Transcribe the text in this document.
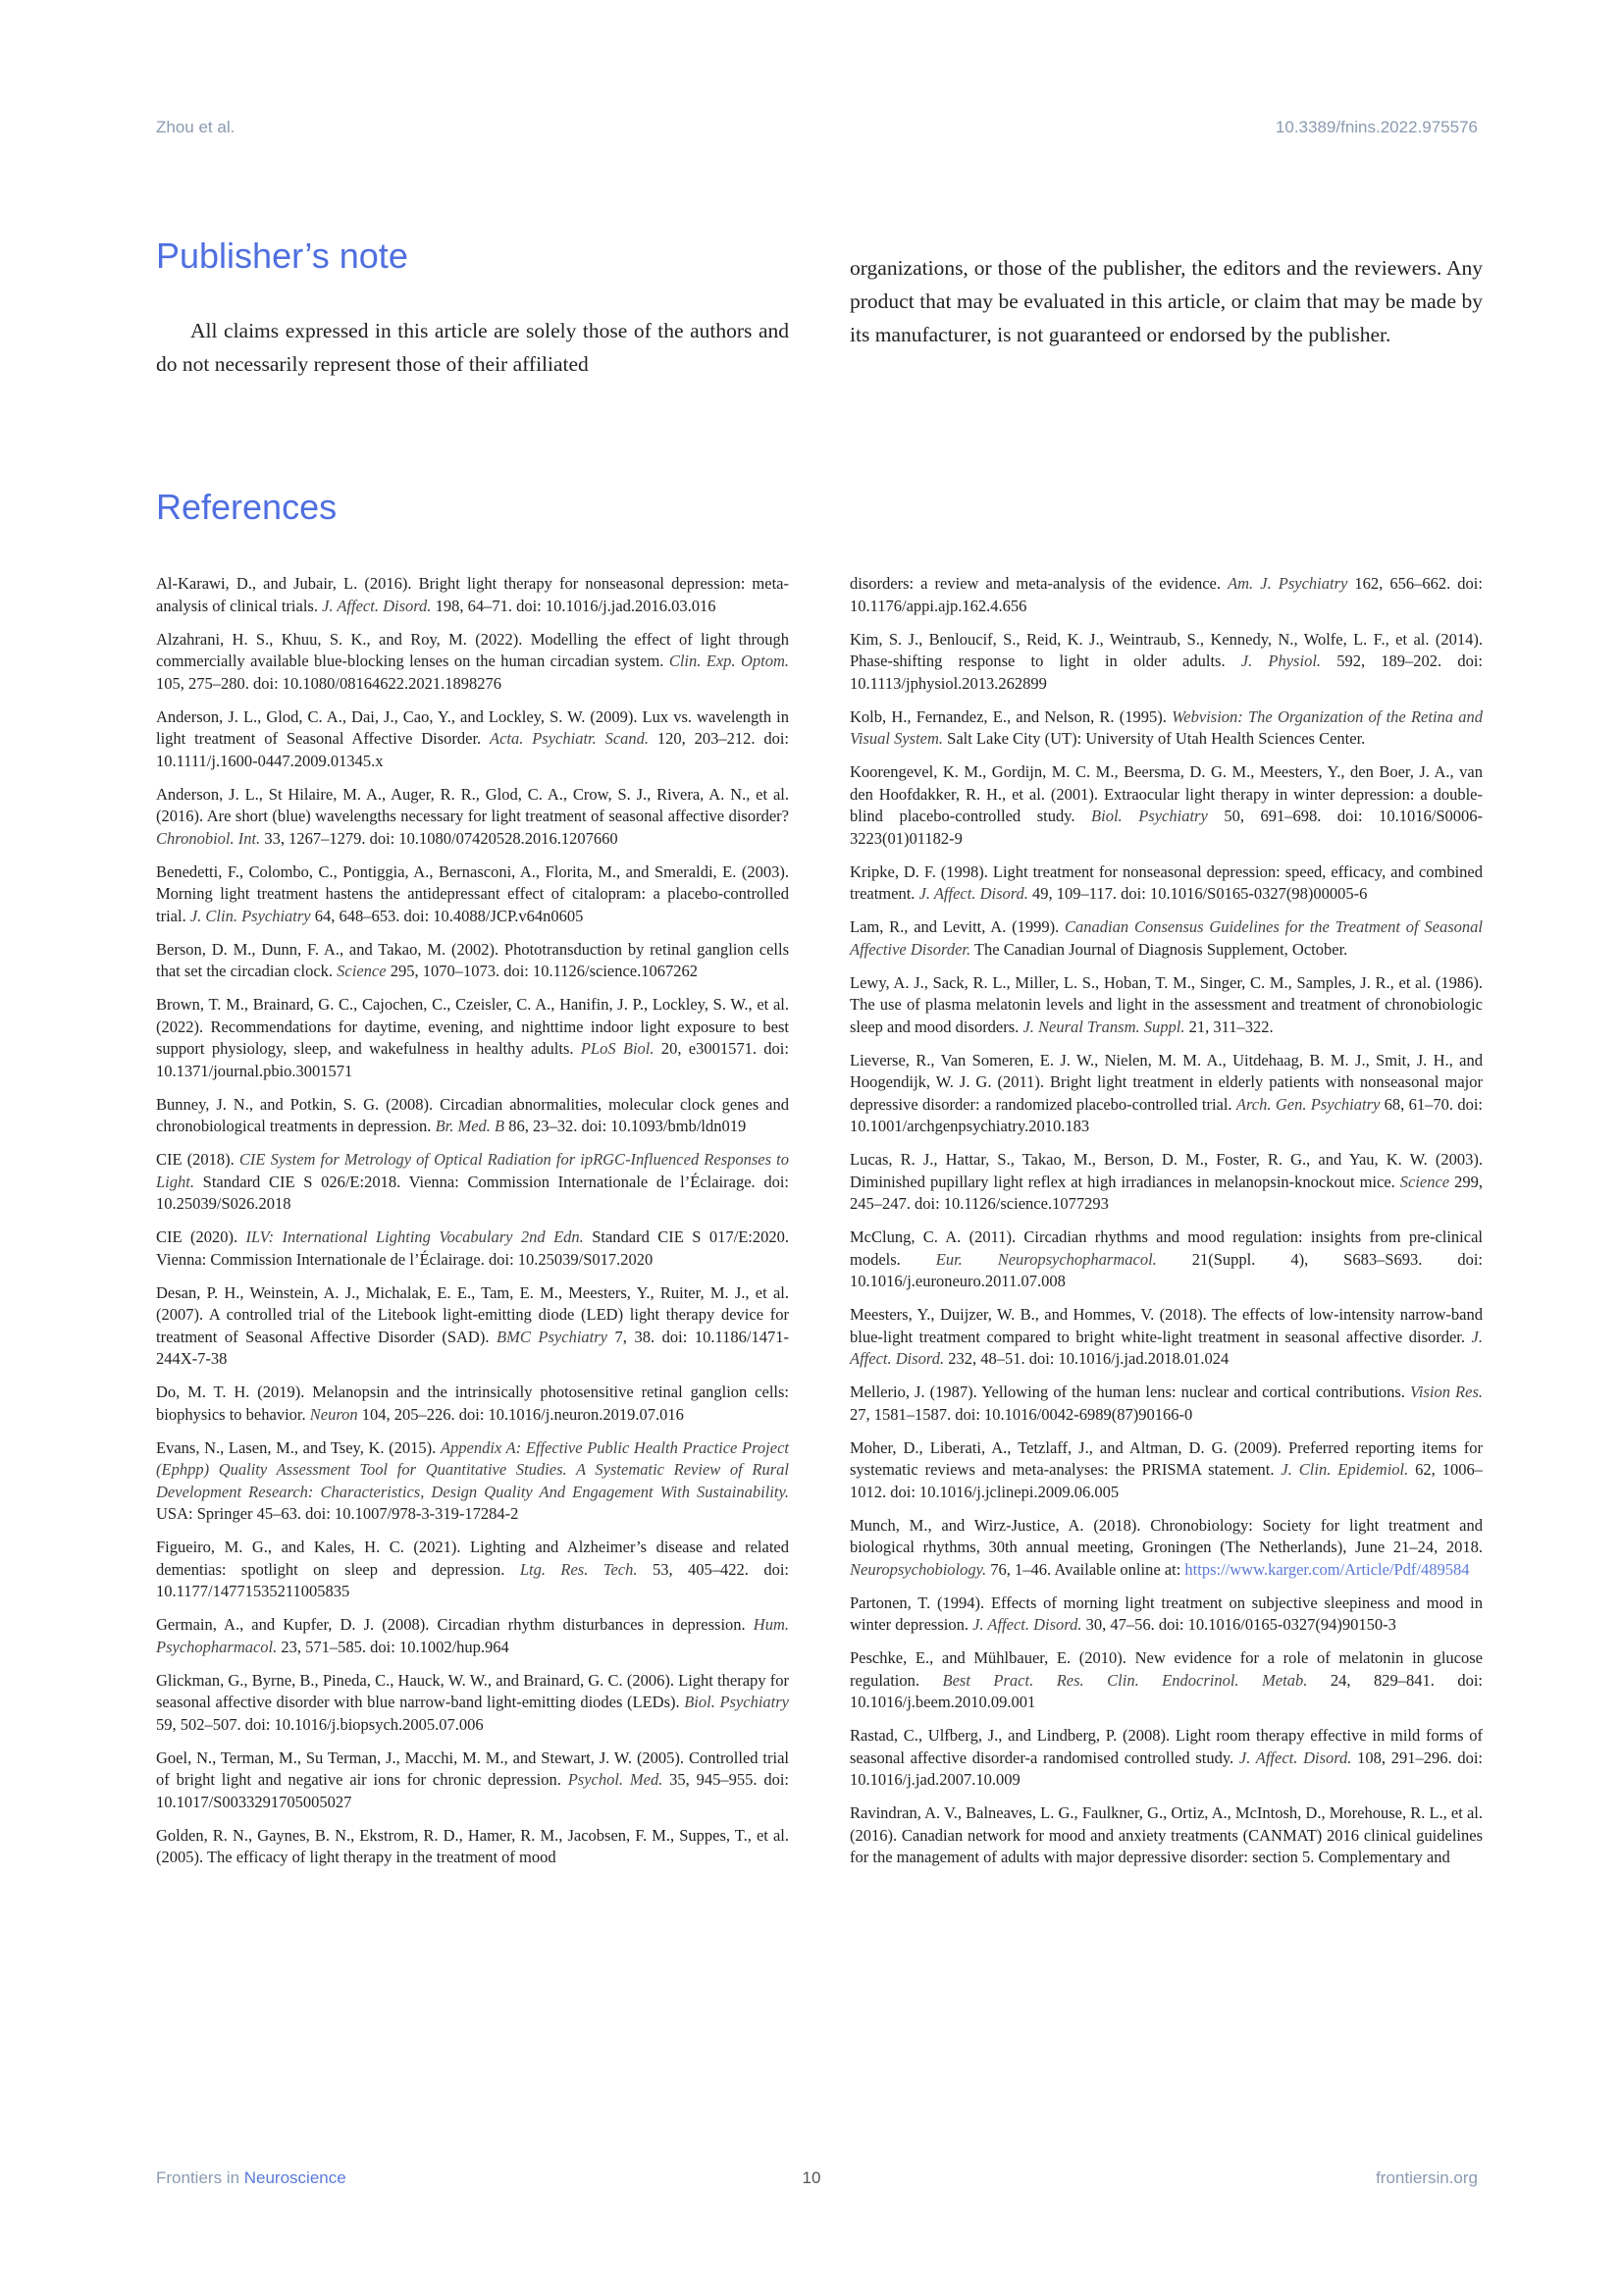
Zhou et al.	10.3389/fnins.2022.975576
Publisher’s note

All claims expressed in this article are solely those of the authors and do not necessarily represent those of their affiliated

organizations, or those of the publisher, the editors and the reviewers. Any product that may be evaluated in this article, or claim that may be made by its manufacturer, is not guaranteed or endorsed by the publisher.

References

Al-Karawi, D., and Jubair, L. (2016). Bright light therapy for nonseasonal depression: meta-analysis of clinical trials. J. Affect. Disord. 198, 64–71. doi: 10.1016/j.jad.2016.03.016

Alzahrani, H. S., Khuu, S. K., and Roy, M. (2022). Modelling the effect of light through commercially available blue-blocking lenses on the human circadian system. Clin. Exp. Optom. 105, 275–280. doi: 10.1080/08164622.2021.1898276

Anderson, J. L., Glod, C. A., Dai, J., Cao, Y., and Lockley, S. W. (2009). Lux vs. wavelength in light treatment of Seasonal Affective Disorder. Acta. Psychiatr. Scand. 120, 203–212. doi: 10.1111/j.1600-0447.2009.01345.x

Anderson, J. L., St Hilaire, M. A., Auger, R. R., Glod, C. A., Crow, S. J., Rivera, A. N., et al. (2016). Are short (blue) wavelengths necessary for light treatment of seasonal affective disorder? Chronobiol. Int. 33, 1267–1279. doi: 10.1080/07420528.2016.1207660

Benedetti, F., Colombo, C., Pontiggia, A., Bernasconi, A., Florita, M., and Smeraldi, E. (2003). Morning light treatment hastens the antidepressant effect of citalopram: a placebo-controlled trial. J. Clin. Psychiatry 64, 648–653. doi: 10.4088/JCP.v64n0605

Berson, D. M., Dunn, F. A., and Takao, M. (2002). Phototransduction by retinal ganglion cells that set the circadian clock. Science 295, 1070–1073. doi: 10.1126/science.1067262

Brown, T. M., Brainard, G. C., Cajochen, C., Czeisler, C. A., Hanifin, J. P., Lockley, S. W., et al. (2022). Recommendations for daytime, evening, and nighttime indoor light exposure to best support physiology, sleep, and wakefulness in healthy adults. PLoS Biol. 20, e3001571. doi: 10.1371/journal.pbio.3001571

Bunney, J. N., and Potkin, S. G. (2008). Circadian abnormalities, molecular clock genes and chronobiological treatments in depression. Br. Med. B 86, 23–32. doi: 10.1093/bmb/ldn019

CIE (2018). CIE System for Metrology of Optical Radiation for ipRGC-Influenced Responses to Light. Standard CIE S 026/E:2018. Vienna: Commission Internationale de l’Éclairage. doi: 10.25039/S026.2018

CIE (2020). ILV: International Lighting Vocabulary 2nd Edn. Standard CIE S 017/E:2020. Vienna: Commission Internationale de l’Éclairage. doi: 10.25039/S017.2020

Desan, P. H., Weinstein, A. J., Michalak, E. E., Tam, E. M., Meesters, Y., Ruiter, M. J., et al. (2007). A controlled trial of the Litebook light-emitting diode (LED) light therapy device for treatment of Seasonal Affective Disorder (SAD). BMC Psychiatry 7, 38. doi: 10.1186/1471-244X-7-38

Do, M. T. H. (2019). Melanopsin and the intrinsically photosensitive retinal ganglion cells: biophysics to behavior. Neuron 104, 205–226. doi: 10.1016/j.neuron.2019.07.016

Evans, N., Lasen, M., and Tsey, K. (2015). Appendix A: Effective Public Health Practice Project (Ephpp) Quality Assessment Tool for Quantitative Studies. A Systematic Review of Rural Development Research: Characteristics, Design Quality And Engagement With Sustainability. USA: Springer 45–63. doi: 10.1007/978-3-319-17284-2

Figueiro, M. G., and Kales, H. C. (2021). Lighting and Alzheimer’s disease and related dementias: spotlight on sleep and depression. Ltg. Res. Tech. 53, 405–422. doi: 10.1177/14771535211005835

Germain, A., and Kupfer, D. J. (2008). Circadian rhythm disturbances in depression. Hum. Psychopharmacol. 23, 571–585. doi: 10.1002/hup.964

Glickman, G., Byrne, B., Pineda, C., Hauck, W. W., and Brainard, G. C. (2006). Light therapy for seasonal affective disorder with blue narrow-band light-emitting diodes (LEDs). Biol. Psychiatry 59, 502–507. doi: 10.1016/j.biopsych.2005.07.006

Goel, N., Terman, M., Su Terman, J., Macchi, M. M., and Stewart, J. W. (2005). Controlled trial of bright light and negative air ions for chronic depression. Psychol. Med. 35, 945–955. doi: 10.1017/S0033291705005027

Golden, R. N., Gaynes, B. N., Ekstrom, R. D., Hamer, R. M., Jacobsen, F. M., Suppes, T., et al. (2005). The efficacy of light therapy in the treatment of mood

disorders: a review and meta-analysis of the evidence. Am. J. Psychiatry 162, 656–662. doi: 10.1176/appi.ajp.162.4.656

Kim, S. J., Benloucif, S., Reid, K. J., Weintraub, S., Kennedy, N., Wolfe, L. F., et al. (2014). Phase-shifting response to light in older adults. J. Physiol. 592, 189–202. doi: 10.1113/jphysiol.2013.262899

Kolb, H., Fernandez, E., and Nelson, R. (1995). Webvision: The Organization of the Retina and Visual System. Salt Lake City (UT): University of Utah Health Sciences Center.

Koorengevel, K. M., Gordijn, M. C. M., Beersma, D. G. M., Meesters, Y., den Boer, J. A., van den Hoofdakker, R. H., et al. (2001). Extraocular light therapy in winter depression: a double-blind placebo-controlled study. Biol. Psychiatry 50, 691–698. doi: 10.1016/S0006-3223(01)01182-9

Kripke, D. F. (1998). Light treatment for nonseasonal depression: speed, efficacy, and combined treatment. J. Affect. Disord. 49, 109–117. doi: 10.1016/S0165-0327(98)00005-6

Lam, R., and Levitt, A. (1999). Canadian Consensus Guidelines for the Treatment of Seasonal Affective Disorder. The Canadian Journal of Diagnosis Supplement, October.

Lewy, A. J., Sack, R. L., Miller, L. S., Hoban, T. M., Singer, C. M., Samples, J. R., et al. (1986). The use of plasma melatonin levels and light in the assessment and treatment of chronobiologic sleep and mood disorders. J. Neural Transm. Suppl. 21, 311–322.

Lieverse, R., Van Someren, E. J. W., Nielen, M. M. A., Uitdehaag, B. M. J., Smit, J. H., and Hoogendijk, W. J. G. (2011). Bright light treatment in elderly patients with nonseasonal major depressive disorder: a randomized placebo-controlled trial. Arch. Gen. Psychiatry 68, 61–70. doi: 10.1001/archgenpsychiatry.2010.183

Lucas, R. J., Hattar, S., Takao, M., Berson, D. M., Foster, R. G., and Yau, K. W. (2003). Diminished pupillary light reflex at high irradiances in melanopsin-knockout mice. Science 299, 245–247. doi: 10.1126/science.1077293

McClung, C. A. (2011). Circadian rhythms and mood regulation: insights from pre-clinical models. Eur. Neuropsychopharmacol. 21(Suppl. 4), S683–S693. doi: 10.1016/j.euroneuro.2011.07.008

Meesters, Y., Duijzer, W. B., and Hommes, V. (2018). The effects of low-intensity narrow-band blue-light treatment compared to bright white-light treatment in seasonal affective disorder. J. Affect. Disord. 232, 48–51. doi: 10.1016/j.jad.2018.01.024

Mellerio, J. (1987). Yellowing of the human lens: nuclear and cortical contributions. Vision Res. 27, 1581–1587. doi: 10.1016/0042-6989(87)90166-0

Moher, D., Liberati, A., Tetzlaff, J., and Altman, D. G. (2009). Preferred reporting items for systematic reviews and meta-analyses: the PRISMA statement. J. Clin. Epidemiol. 62, 1006–1012. doi: 10.1016/j.jclinepi.2009.06.005

Munch, M., and Wirz-Justice, A. (2018). Chronobiology: Society for light treatment and biological rhythms, 30th annual meeting, Groningen (The Netherlands), June 21–24, 2018. Neuropsychobiology. 76, 1–46. Available online at: https://www.karger.com/Article/Pdf/489584

Partonen, T. (1994). Effects of morning light treatment on subjective sleepiness and mood in winter depression. J. Affect. Disord. 30, 47–56. doi: 10.1016/0165-0327(94)90150-3

Peschke, E., and Mühlbauer, E. (2010). New evidence for a role of melatonin in glucose regulation. Best Pract. Res. Clin. Endocrinol. Metab. 24, 829–841. doi: 10.1016/j.beem.2010.09.001

Rastad, C., Ulfberg, J., and Lindberg, P. (2008). Light room therapy effective in mild forms of seasonal affective disorder-a randomised controlled study. J. Affect. Disord. 108, 291–296. doi: 10.1016/j.jad.2007.10.009

Ravindran, A. V., Balneaves, L. G., Faulkner, G., Ortiz, A., McIntosh, D., Morehouse, R. L., et al. (2016). Canadian network for mood and anxiety treatments (CANMAT) 2016 clinical guidelines for the management of adults with major depressive disorder: section 5. Complementary and

Frontiers in Neuroscience	10	frontiersin.org
